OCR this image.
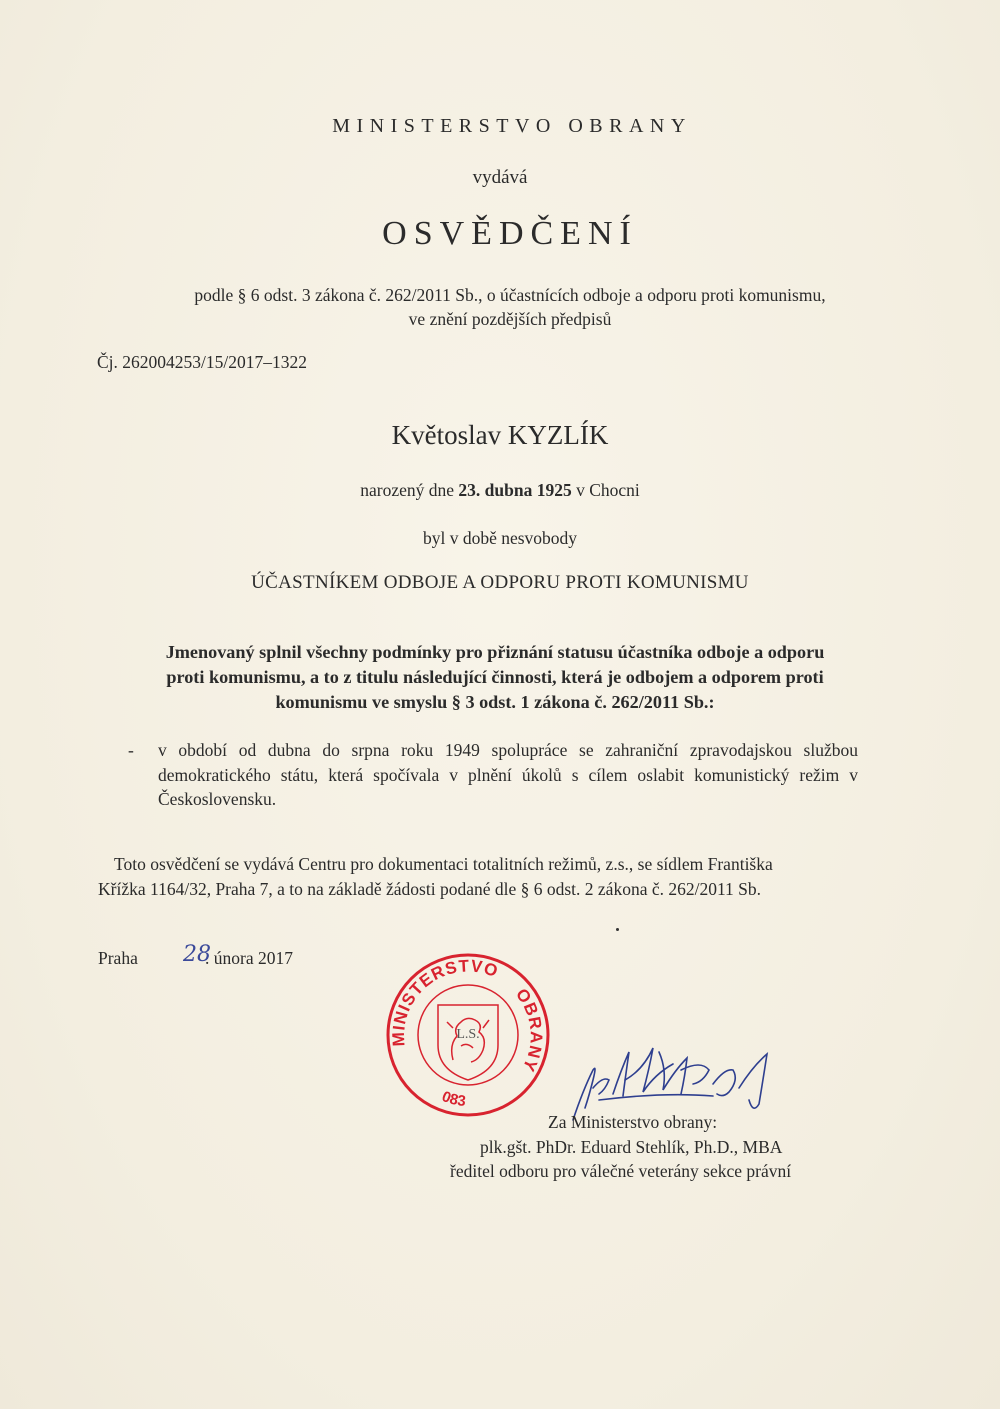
MINISTERSTVO OBRANY
vydává
OSVĚDČENÍ
podle § 6 odst. 3 zákona č. 262/2011 Sb., o účastnících odboje a odporu proti komunismu,
ve znění pozdějších předpisů
Čj. 262004253/15/2017–1322
Květoslav KYZLÍK
narozený dne 23. dubna 1925 v Chocni
byl v době nesvobody
ÚČASTNÍKEM ODBOJE A ODPORU PROTI KOMUNISMU
Jmenovaný splnil všechny podmínky pro přiznání statusu účastníka odboje a odporu
proti komunismu, a to z titulu následující činnosti, která je odbojem a odporem proti
komunismu ve smyslu § 3 odst. 1 zákona č. 262/2011 Sb.:
- v období od dubna do srpna roku 1949 spolupráce se zahraniční zpravodajskou službou demokratického státu, která spočívala v plnění úkolů s cílem oslabit komunistický režim v Československu.
Toto osvědčení se vydává Centru pro dokumentaci totalitních režimů, z.s., se sídlem Františka
Křížka 1164/32, Praha 7, a to na základě žádosti podané dle § 6 odst. 2 zákona č. 262/2011 Sb.
Praha 28
. února 2017
MINISTERSTVO
OBRANY
083
L.S.
Za Ministerstvo obrany:
plk.gšt. PhDr. Eduard Stehlík, Ph.D., MBA
ředitel odboru pro válečné veterány sekce právní
